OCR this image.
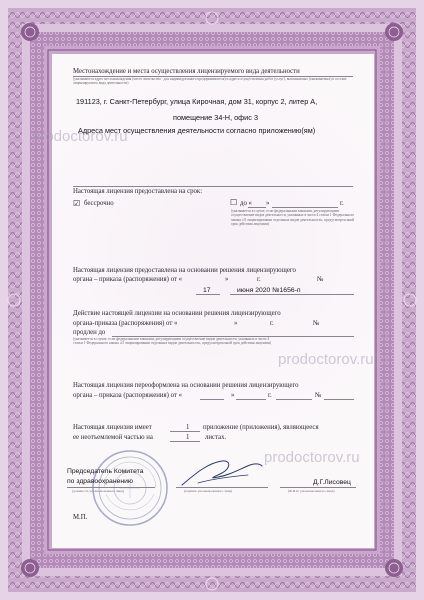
prodoctorov.ru
prodoctorov.ru
prodoctorov.ru
Местонахождение и места осуществления лицензируемого вида деятельности
(указываются адрес местонахождения (место жительства - для индивидуального предпринимателя) и адреса осуществления работ (услуг), выполняемых (оказываемых) в составе лицензируемого вида деятельности)
191123, г. Санкт-Петербург, улица Кирочная, дом 31, корпус 2, литер А,
помещение 34-Н, офис 3
Адреса мест осуществления деятельности согласно приложению(ям)
Настоящая лицензия предоставлена на срок:
☑ бессрочно	☐ до « »	г.
(указывается в случае, если федеральными законами, регулирующими осуществление видов деятельности, указанных в части 4 статьи 1 Федерального закона «О лицензировании отдельных видов деятельности», предусмотрен иной срок действия лицензии)
Настоящая лицензия предоставлена на основании решения лицензирующего
органа – приказа (распоряжения) от «	»	г.	№
17	июня 2020 №1656-п
Действие настоящей лицензии на основании решения лицензирующего
органа-приказа (распоряжения) от «	»	г.	№
продлен до
(указывается в случае, если федеральными законами, регулирующими осуществление видов деятельности, указанных в части 4 статьи 1 Федерального закона «О лицензировании отдельных видов деятельности», предусмотрен иной срок действия лицензии)
Настоящая лицензия переоформлена на основании решения лицензирующего
органа – приказа (распоряжения) от «	»	г.	№
Настоящая лицензия имеет	1 приложение (приложения), являющееся
ее неотъемлемой частью на	1 листах.
Председатель Комитета
по здравоохранению
(должность уполномоченного лица)	(подпись уполномоченного лица)
Д.Г.Лисовец
(Ф.И.О. уполномоченного лица)
М.П.
